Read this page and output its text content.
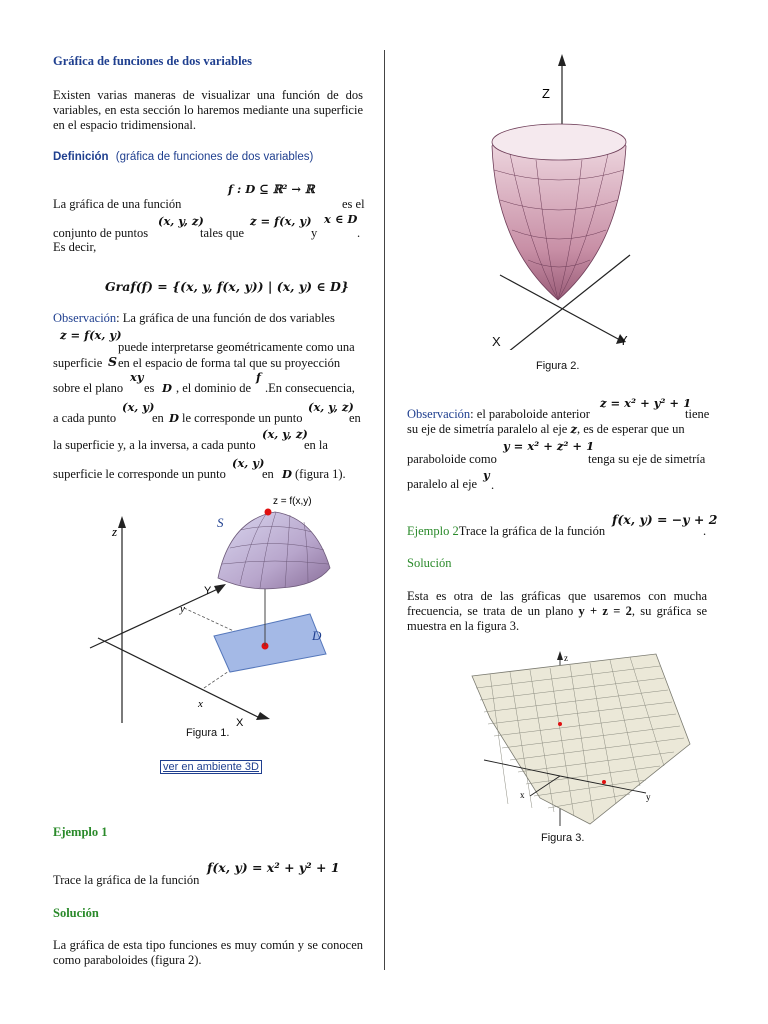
Gráfica de funciones de dos variables
Existen varias maneras de visualizar una función de dos variables, en esta sección lo haremos mediante una superficie en el espacio tridimensional.
Definición (gráfica de funciones de dos variables)
f : D ⊆ ℝ² → ℝ
La gráfica de una función	es el
(x, y, z)	z = f(x, y) x ∈ D
conjunto de puntos	tales que	y	.
Es decir,
Graf(f) = {(x, y, f(x, y)) | (x, y) ∈ D}
Observación: La gráfica de una función de dos variables
z = f(x, y)
puede interpretarse geométricamente como una
superficie S en el espacio de forma tal que su proyección
xy	f
sobre el plano es D , el dominio de .En consecuencia,
(x, y)	(x, y, z)
a cada punto	en D le corresponde un punto	en
(x, y, z)
la superficie y, a la inversa, a cada punto	en la
(x, y)
superficie le corresponde un punto	en D (figura 1).
z
S
z = f(x,y)
Y
y
D
x
X
Figura 1.
ver en ambiente 3D
Ejemplo 1
f(x, y) = x² + y² + 1
Trace la gráfica de la función
Solución
La gráfica de esta tipo funciones es muy común y se conocen como paraboloides (figura 2).
Z
X	Y
Figura 2.
z = x² + y² + 1
Observación: el paraboloide anterior	tiene
su eje de simetría paralelo al eje z, es de esperar que un
y = x² + z² + 1
paraboloide como	tenga su eje de simetría
y
paralelo al eje .
f(x, y) = −y + 2
Ejemplo 2Trace la gráfica de la función	.
Solución
Esta es otra de las gráficas que usaremos con mucha frecuencia, se trata de un plano y + z = 2, su gráfica se muestra en la figura 3.
z
x	y
Figura 3.
